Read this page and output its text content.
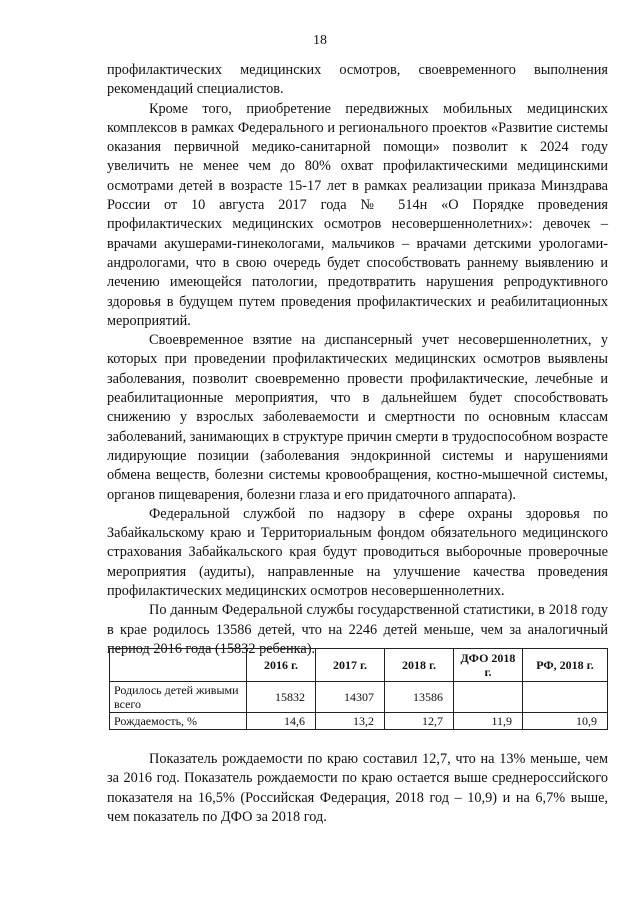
18

профилактических медицинских осмотров, своевременного выполнения рекомендаций специалистов.

Кроме того, приобретение передвижных мобильных медицинских комплексов в рамках Федерального и регионального проектов «Развитие системы оказания первичной медико-санитарной помощи» позволит к 2024 году увеличить не менее чем до 80% охват профилактическими медицинскими осмотрами детей в возрасте 15-17 лет в рамках реализации приказа Минздрава России от 10 августа 2017 года № 514н «О Порядке проведения профилактических медицинских осмотров несовершеннолетних»: девочек – врачами акушерами-гинекологами, мальчиков – врачами детскими урологами-андрологами, что в свою очередь будет способствовать раннему выявлению и лечению имеющейся патологии, предотвратить нарушения репродуктивного здоровья в будущем путем проведения профилактических и реабилитационных мероприятий.

Своевременное взятие на диспансерный учет несовершеннолетних, у которых при проведении профилактических медицинских осмотров выявлены заболевания, позволит своевременно провести профилактические, лечебные и реабилитационные мероприятия, что в дальнейшем будет способствовать снижению у взрослых заболеваемости и смертности по основным классам заболеваний, занимающих в структуре причин смерти в трудоспособном возрасте лидирующие позиции (заболевания эндокринной системы и нарушениями обмена веществ, болезни системы кровообращения, костно-мышечной системы, органов пищеварения, болезни глаза и его придаточного аппарата).

Федеральной службой по надзору в сфере охраны здоровья по Забайкальскому краю и Территориальным фондом обязательного медицинского страхования Забайкальского края будут проводиться выборочные проверочные мероприятия (аудиты), направленные на улучшение качества проведения профилактических медицинских осмотров несовершеннолетних.

По данным Федеральной службы государственной статистики, в 2018 году в крае родилось 13586 детей, что на 2246 детей меньше, чем за аналогичный период 2016 года (15832 ребенка).

	2016 г.	2017 г.	2018 г.	ДФО 2018 г.	РФ, 2018 г.
Родилось детей живыми всего	15832	14307	13586		
Рождаемость, %	14,6	13,2	12,7	11,9	10,9

Показатель рождаемости по краю составил 12,7, что на 13% меньше, чем за 2016 год. Показатель рождаемости по краю остается выше среднероссийского показателя на 16,5% (Российская Федерация, 2018 год – 10,9) и на 6,7% выше, чем показатель по ДФО за 2018 год.
